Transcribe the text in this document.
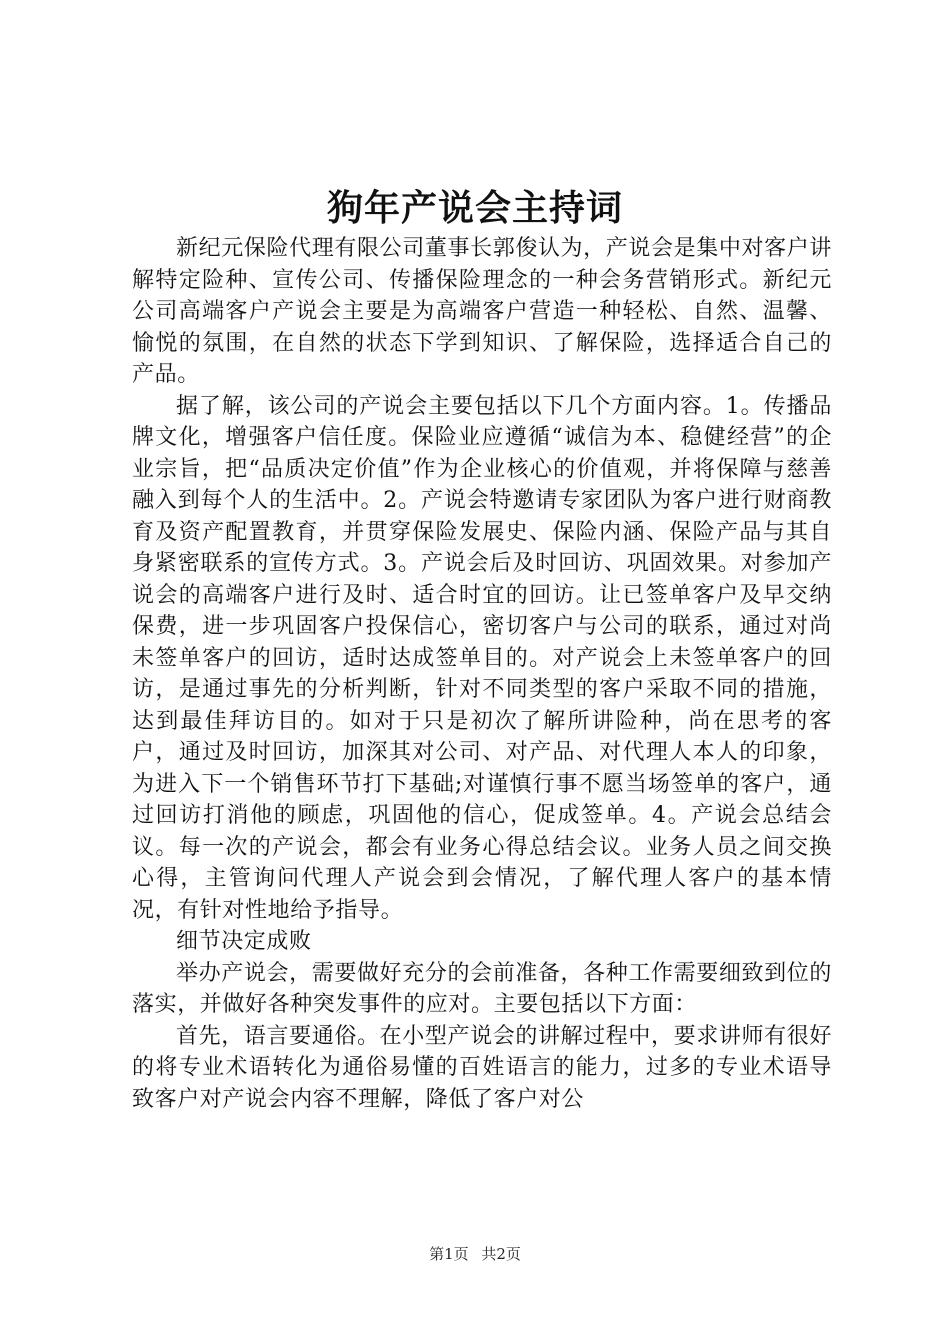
狗年产说会主持词

新纪元保险代理有限公司董事长郭俊认为，产说会是集中对客户讲解特定险种、宣传公司、传播保险理念的一种会务营销形式。新纪元公司高端客户产说会主要是为高端客户营造一种轻松、自然、温馨、愉悦的氛围，在自然的状态下学到知识、了解保险，选择适合自己的产品。

据了解，该公司的产说会主要包括以下几个方面内容。1。传播品牌文化，增强客户信任度。保险业应遵循“诚信为本、稳健经营”的企业宗旨，把“品质决定价值”作为企业核心的价值观，并将保障与慈善融入到每个人的生活中。2。产说会特邀请专家团队为客户进行财商教育及资产配置教育，并贯穿保险发展史、保险内涵、保险产品与其自身紧密联系的宣传方式。3。产说会后及时回访、巩固效果。对参加产说会的高端客户进行及时、适合时宜的回访。让已签单客户及早交纳保费，进一步巩固客户投保信心，密切客户与公司的联系，通过对尚未签单客户的回访，适时达成签单目的。对产说会上未签单客户的回访，是通过事先的分析判断，针对不同类型的客户采取不同的措施，达到最佳拜访目的。如对于只是初次了解所讲险种，尚在思考的客户，通过及时回访，加深其对公司、对产品、对代理人本人的印象，为进入下一个销售环节打下基础;对谨慎行事不愿当场签单的客户，通过回访打消他的顾虑，巩固他的信心，促成签单。4。产说会总结会议。每一次的产说会，都会有业务心得总结会议。业务人员之间交换心得，主管询问代理人产说会到会情况，了解代理人客户的基本情况，有针对性地给予指导。

细节决定成败

举办产说会，需要做好充分的会前准备，各种工作需要细致到位的落实，并做好各种突发事件的应对。主要包括以下方面：

首先，语言要通俗。在小型产说会的讲解过程中，要求讲师有很好的将专业术语转化为通俗易懂的百姓语言的能力，过多的专业术语导致客户对产说会内容不理解，降低了客户对公

第1页 共2页
